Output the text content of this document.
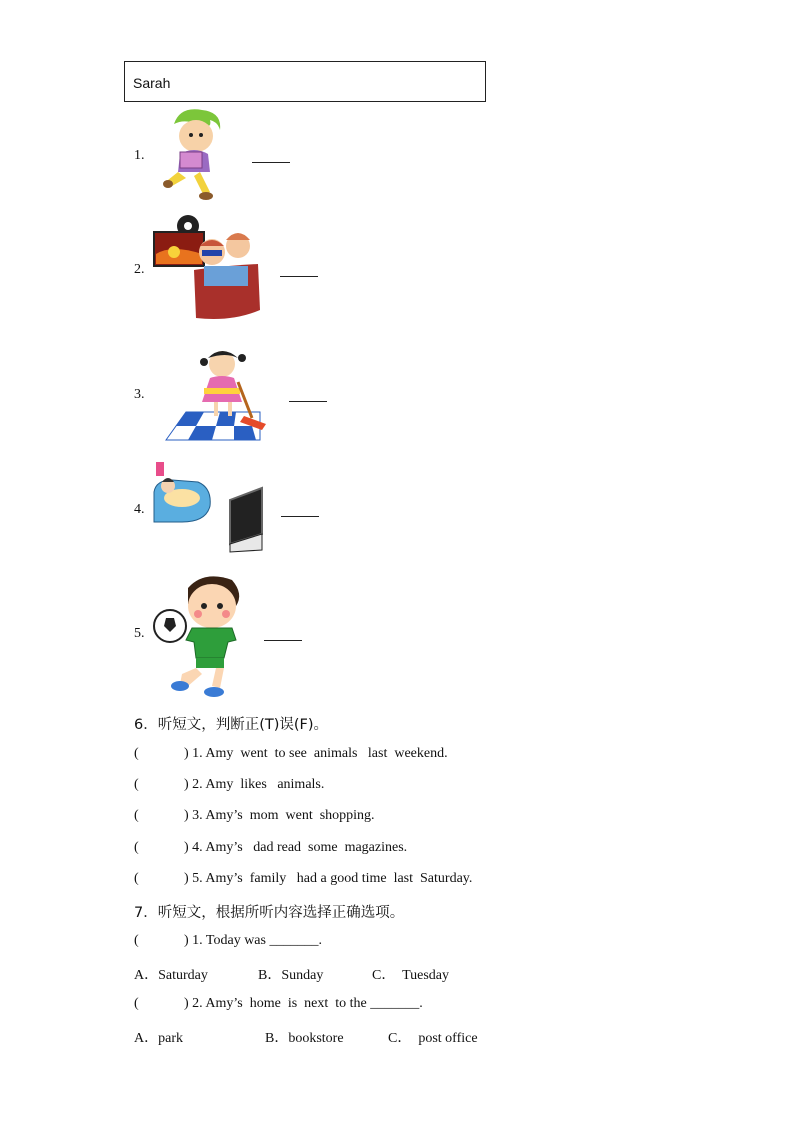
Sarah
1.
2.
3.
4.
5.
6．听短文，判断正(T)误(F)。
(	) 1. Amy  went  to see  animals   last  weekend.
(	) 2. Amy  likes   animals.
(	) 3. Amy’s  mom  went  shopping.
(	) 4. Amy’s   dad read  some  magazines.
(	) 5. Amy’s  family   had a good time  last  Saturday.
7．听短文，根据所听内容选择正确选项。
(	) 1. Today was _______.
A．Saturday	B．Sunday	C．  Tuesday
(	) 2. Amy’s  home  is  next  to the _______.
A．park	B．bookstore	C．  post office
